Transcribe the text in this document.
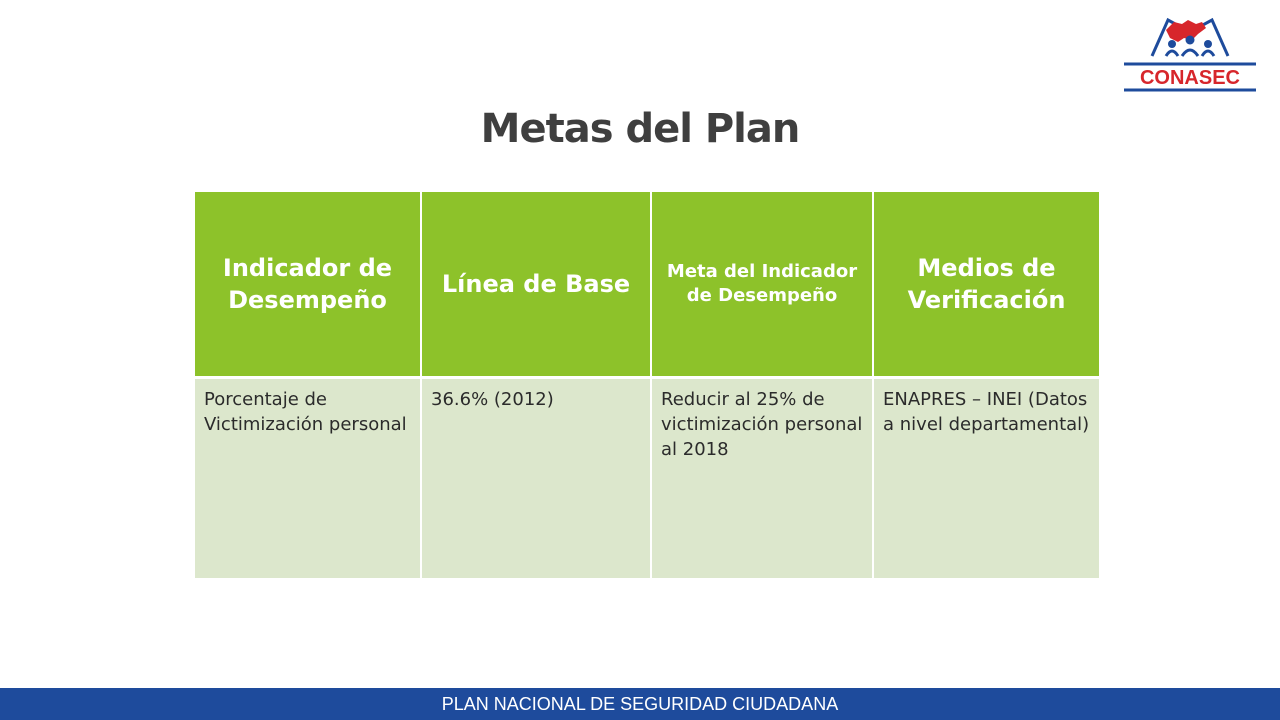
CONASEC
Metas del Plan
Indicador de Desempeño	Línea de Base	Meta del Indicador de Desempeño	Medios de Verificación
Porcentaje de Victimización personal	36.6% (2012)	Reducir al 25% de victimización personal al 2018	ENAPRES – INEI (Datos a nivel departamental)
PLAN NACIONAL DE SEGURIDAD CIUDADANA
